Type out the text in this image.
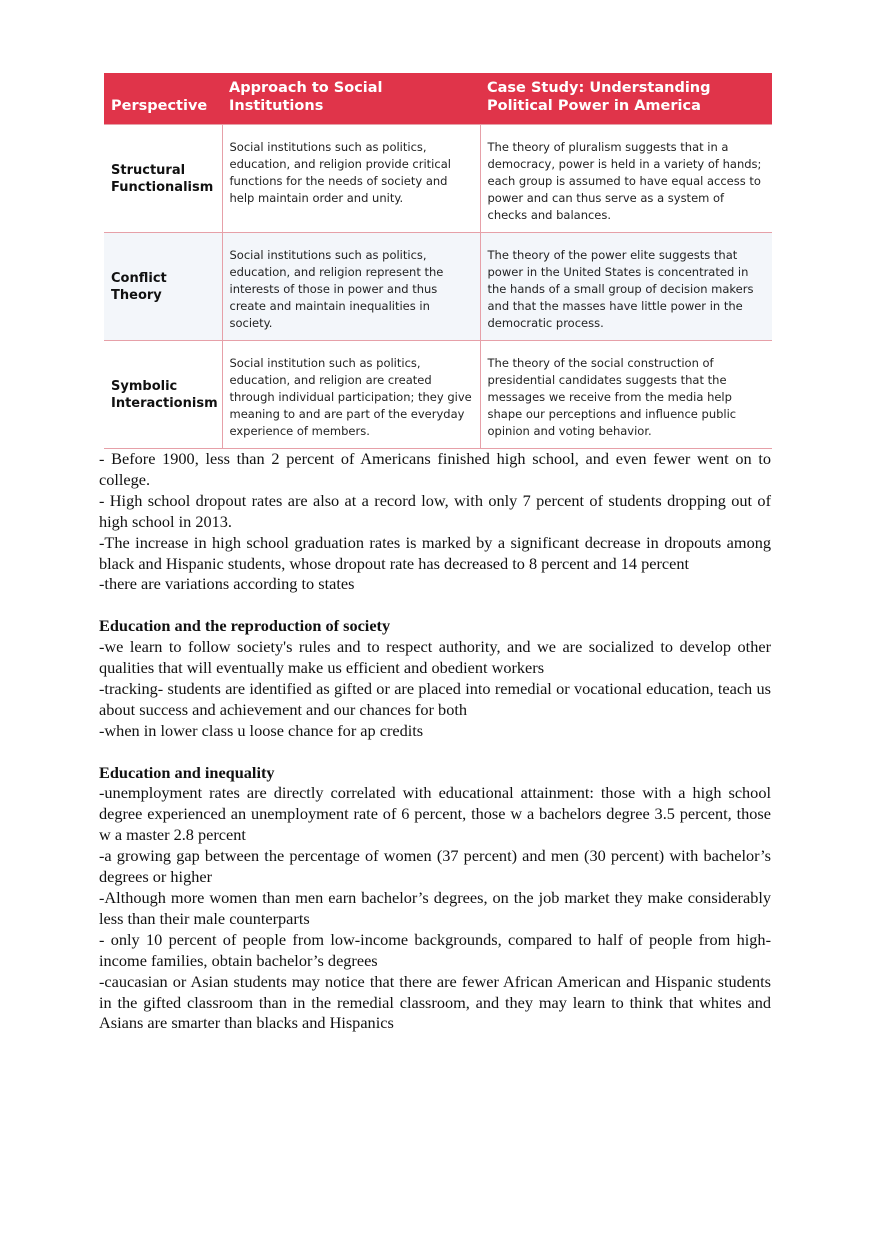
Perspective	Approach to Social Institutions	Case Study: Understanding Political Power in America
Structural Functionalism	Social institutions such as politics, education, and religion provide critical functions for the needs of society and help maintain order and unity.	The theory of pluralism suggests that in a democracy, power is held in a variety of hands; each group is assumed to have equal access to power and can thus serve as a system of checks and balances.
Conflict Theory	Social institutions such as politics, education, and religion represent the interests of those in power and thus create and maintain inequalities in society.	The theory of the power elite suggests that power in the United States is concentrated in the hands of a small group of decision makers and that the masses have little power in the democratic process.
Symbolic Interactionism	Social institution such as politics, education, and religion are created through individual participation; they give meaning to and are part of the everyday experience of members.	The theory of the social construction of presidential candidates suggests that the messages we receive from the media help shape our perceptions and influence public opinion and voting behavior.

- Before 1900, less than 2 percent of Americans finished high school, and even fewer went on to college.

- High school dropout rates are also at a record low, with only 7 percent of students dropping out of high school in 2013.

-The increase in high school graduation rates is marked by a significant decrease in dropouts among black and Hispanic students, whose dropout rate has decreased to 8 percent and 14 percent

-there are variations according to states

Education and the reproduction of society

-we learn to follow society's rules and to respect authority, and we are socialized to develop other qualities that will eventually make us efficient and obedient workers

-tracking- students are identified as gifted or are placed into remedial or vocational education, teach us about success and achievement and our chances for both

-when in lower class u loose chance for ap credits

Education and inequality

-unemployment rates are directly correlated with educational attainment: those with a high school degree experienced an unemployment rate of 6 percent, those w a bachelors degree 3.5 percent, those w a master 2.8 percent

-a growing gap between the percentage of women (37 percent) and men (30 percent) with bachelor’s degrees or higher

-Although more women than men earn bachelor’s degrees, on the job market they make considerably less than their male counterparts

- only 10 percent of people from low-income backgrounds, compared to half of people from high-income families, obtain bachelor’s degrees

-caucasian or Asian students may notice that there are fewer African American and Hispanic students in the gifted classroom than in the remedial classroom, and they may learn to think that whites and Asians are smarter than blacks and Hispanics
